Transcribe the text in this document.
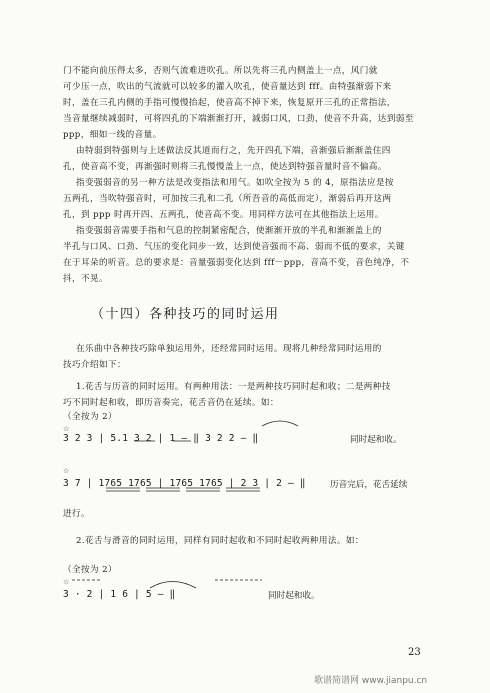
门不能向前压得太多，否则气流难进吹孔。所以先将三孔内侧盖上一点，风门就
可少压一点，吹出的气流就可以较多的灌入吹孔，使音量达到 fff。由特强渐弱下来
时，盖在三孔内侧的手指可慢慢抬起，使音高不掉下来，恢复原开三孔的正常指法，
当音量继续减弱时，可将四孔的下端渐渐打开，減弱口风，口劲，使音不升高，达到弱至
ppp，细如一线的音量。
由特弱到特强则与上述做法反其道而行之，先开四孔下端，音渐强后渐渐盖住四
孔，使音高不变，再渐强时则将三孔慢慢盖上一点，使达到特强音量时音不偏高。
指变强弱音的另一种方法是改变指法和用气。如吹全按为 5 的 4，原指法应是按
五两孔，当吹特强音时，可加按三孔和二孔（所吾音的高低而定），渐弱后再开这两
孔，到 ppp 时再开四、五两孔，使音高不变。用同样方法可在其他指法上运用。
指变强弱音需要手指和气息的控制紧密配合，使渐渐开放的半孔和渐渐盖上的
半孔与口风、口劲、气压的变化同步一致，达到使音强而不高、弱而不低的要求，关键
在于耳朵的听音。总的要求是：音量强弱变化达到 fff－ppp，音高不变，音色纯净，不
抖，不晃。
（十四）各种技巧的同时运用
在乐曲中各种技巧除单独运用外，还经常同时运用。现将几种经常同时运用的
技巧介绍如下：
1.花舌与历音的同时运用。有两种用法：一是两种技巧同时起和收；二是两种技
巧不同时起和收，即历音奏完，花舌音仍在延续。如：
（全按为 2）
☆
3 2 3 | 5.1 3 2 | 1 — ‖ 3 2 2 — ‖	同时起和收。
☆
3 7 | 1765 1765 | 1765 1765 | 2 3 | 2 — ‖	历音完后，花舌延续
进行。
2.花舌与滑音的同时运用，同样有同时起收和不同时起收两种用法。如：
（全按为 2）
☆
3 · 2 | 1 6 | 5 — ‖	同时起和收。
23
歌谱简谱网 www.jianpu.cn
